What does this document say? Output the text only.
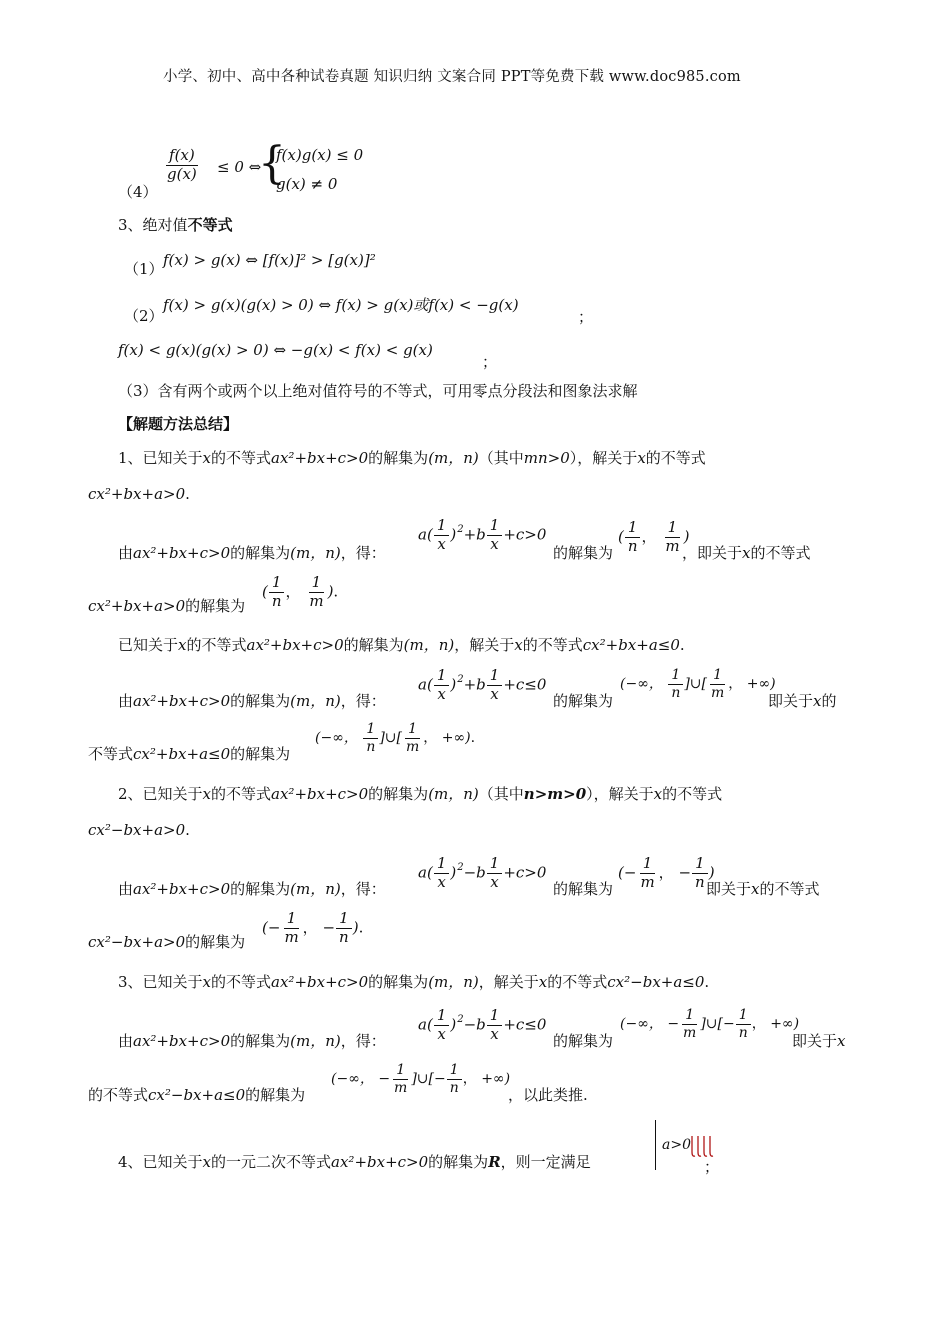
小学、初中、高中各种试卷真题 知识归纳 文案合同 PPT等免费下载 www.doc985.com
（4）
$\frac{f(x)}{g(x)} \le 0$ ⇔
{
f(x)g(x) ≤ 0
g(x) ≠ 0
3、绝对值不等式
（1） f(x) > g(x) ⇔ [f(x)]² > [g(x)]²
（2）
f(x) > g(x)(g(x) > 0) ⇔ f(x) > g(x)或f(x) < −g(x)
；
f(x) < g(x)(g(x) > 0) ⇔ −g(x) < f(x) < g(x)
；
（3）含有两个或两个以上绝对值符号的不等式，可用零点分段法和图象法求解
【解题方法总结】
1、已知关于x的不等式ax²+bx+c>0的解集为(m，n)（其中mn>0），解关于x的不等式
cx²+bx+a>0.
由ax²+bx+c>0的解集为(m，n)，得：
$a( \frac{1}{x} )^2+b \frac{1}{x} +c>0$
的解集为
( $\frac{1}{n}$ ， $\frac{1}{m}$ )
，即关于x的不等式
cx²+bx+a>0的解集为
( $\frac{1}{n}$ ， $\frac{1}{m}$ ).
已知关于x的不等式ax²+bx+c>0的解集为(m，n)，解关于x的不等式cx²+bx+a≤0.
由ax²+bx+c>0的解集为(m，n)，得：
$a( \frac{1}{x} )^2+b \frac{1}{x} +c\le 0$
的解集为
(−∞， $\frac{1}{n}$ ]∪[ $\frac{1}{m}$ ， +∞)
即关于x的
不等式cx²+bx+a≤0的解集为
(−∞， $\frac{1}{n}$ ]∪[ $\frac{1}{m}$ ， +∞).
2、已知关于x的不等式ax²+bx+c>0的解集为(m，n)（其中n>m>0），解关于x的不等式
cx²−bx+a>0.
由ax²+bx+c>0的解集为(m，n)，得：
$a( \frac{1}{x} )^2-b \frac{1}{x} +c>0$
的解集为
(− $\frac{1}{m}$ ， − $\frac{1}{n}$ )
即关于x的不等式
cx²−bx+a>0的解集为
(− $\frac{1}{m}$ ， − $\frac{1}{n}$ ).
3、已知关于x的不等式ax²+bx+c>0的解集为(m，n)，解关于x的不等式cx²−bx+a≤0.
由ax²+bx+c>0的解集为(m，n)，得：
$a( \frac{1}{x} )^2-b \frac{1}{x} +c\le 0$
的解集为
(−∞， − $\frac{1}{m}$ ]∪[− $\frac{1}{n}$ ， +∞)
即关于x
的不等式cx²−bx+a≤0的解集为
(−∞， − $\frac{1}{m}$ ]∪[− $\frac{1}{n}$ ， +∞)
，以此类推.
4、已知关于x的一元二次不等式ax²+bx+c>0的解集为R，则一定满足
a>0
；
